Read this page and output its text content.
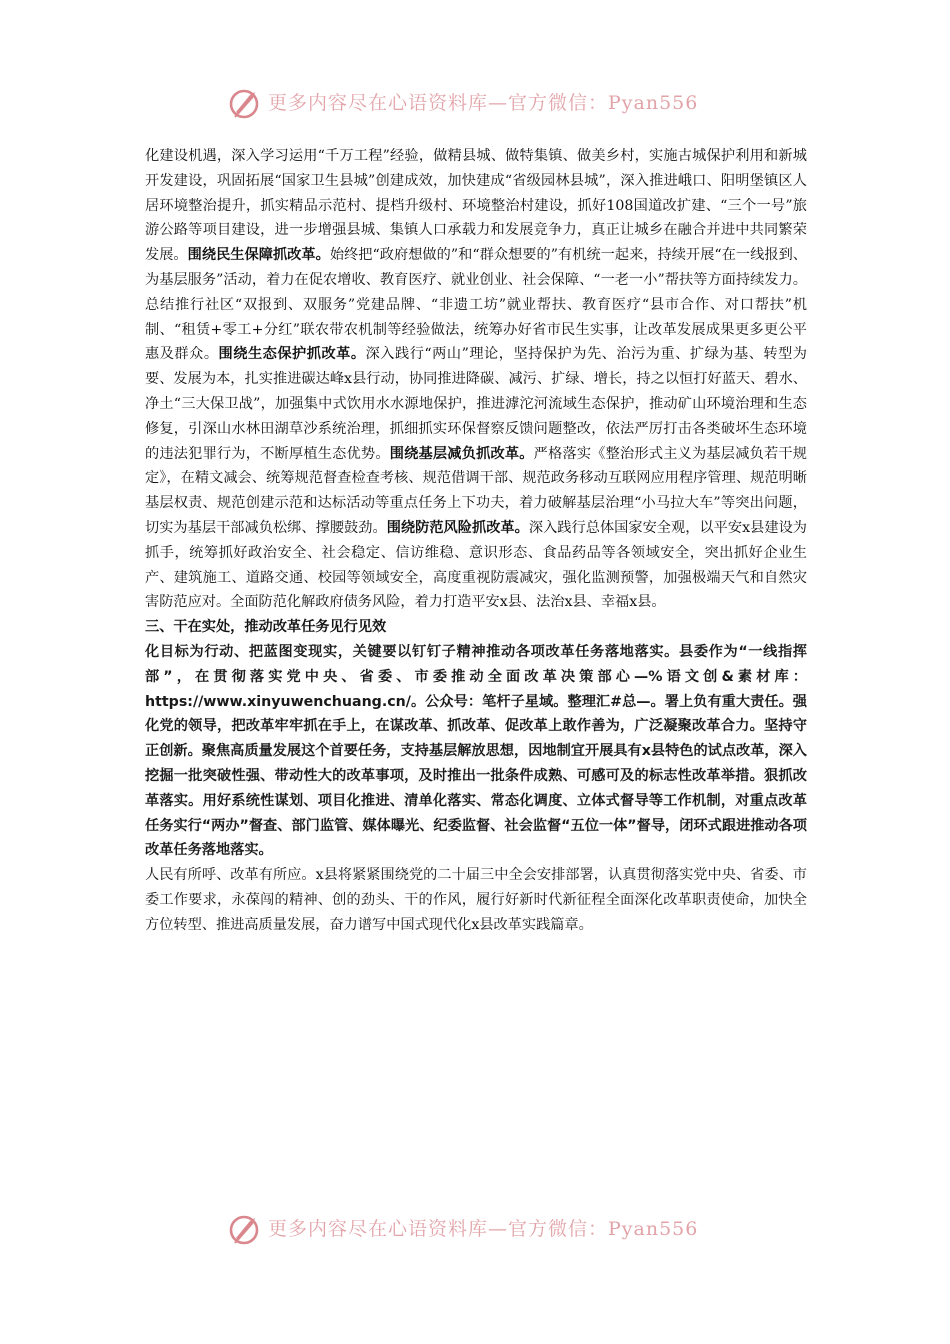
更多内容尽在心语资料库—官方微信：Pyan556

化建设机遇，深入学习运用“千万工程”经验，做精县城、做特集镇、做美乡村，实施古城保护利用和新城开发建设，巩固拓展“国家卫生县城”创建成效，加快建成“省级园林县城”，深入推进峨口、阳明堡镇区人居环境整治提升，抓实精品示范村、提档升级村、环境整治村建设，抓好108国道改扩建、“三个一号”旅游公路等项目建设，进一步增强县城、集镇人口承载力和发展竞争力，真正让城乡在融合并进中共同繁荣发展。围绕民生保障抓改革。始终把“政府想做的”和“群众想要的”有机统一起来，持续开展“在一线报到、为基层服务”活动，着力在促农增收、教育医疗、就业创业、社会保障、“一老一小”帮扶等方面持续发力。总结推行社区“双报到、双服务”党建品牌、“非遗工坊”就业帮扶、教育医疗“县市合作、对口帮扶”机制、“租赁+零工+分红”联农带农机制等经验做法，统筹办好省市民生实事，让改革发展成果更多更公平惠及群众。围绕生态保护抓改革。深入践行“两山”理论，坚持保护为先、治污为重、扩绿为基、转型为要、发展为本，扎实推进碳达峰x县行动，协同推进降碳、减污、扩绿、增长，持之以恒打好蓝天、碧水、净土“三大保卫战”，加强集中式饮用水水源地保护，推进滹沱河流域生态保护，推动矿山环境治理和生态修复，引深山水林田湖草沙系统治理，抓细抓实环保督察反馈问题整改，依法严厉打击各类破坏生态环境的违法犯罪行为，不断厚植生态优势。围绕基层减负抓改革。严格落实《整治形式主义为基层减负若干规定》，在精文减会、统筹规范督查检查考核、规范借调干部、规范政务移动互联网应用程序管理、规范明晰基层权责、规范创建示范和达标活动等重点任务上下功夫，着力破解基层治理“小马拉大车”等突出问题，切实为基层干部减负松绑、撑腰鼓劲。围绕防范风险抓改革。深入践行总体国家安全观，以平安x县建设为抓手，统筹抓好政治安全、社会稳定、信访维稳、意识形态、食品药品等各领域安全，突出抓好企业生产、建筑施工、道路交通、校园等领域安全，高度重视防震减灾，强化监测预警，加强极端天气和自然灾害防范应对。全面防范化解政府债务风险，着力打造平安x县、法治x县、幸福x县。

三、干在实处，推动改革任务见行见效

化目标为行动、把蓝图变现实，关键要以钉钉子精神推动各项改革任务落地落实。县委作为“一线指挥部”，在贯彻落实党中央、省委、市委推动全面改革决策部心—%语文创&素材库：https://www.xinyuwenchuang.cn/。公众号：笔杆子星域。整理汇#总—。署上负有重大责任。强化党的领导，把改革牢牢抓在手上，在谋改革、抓改革、促改革上敢作善为，广泛凝聚改革合力。坚持守正创新。聚焦高质量发展这个首要任务，支持基层解放思想，因地制宜开展具有x县特色的试点改革，深入挖掘一批突破性强、带动性大的改革事项，及时推出一批条件成熟、可感可及的标志性改革举措。狠抓改革落实。用好系统性谋划、项目化推进、清单化落实、常态化调度、立体式督导等工作机制，对重点改革任务实行“两办”督查、部门监管、媒体曝光、纪委监督、社会监督“五位一体”督导，闭环式跟进推动各项改革任务落地落实。

人民有所呼、改革有所应。x县将紧紧围绕党的二十届三中全会安排部署，认真贯彻落实党中央、省委、市委工作要求，永葆闯的精神、创的劲头、干的作风，履行好新时代新征程全面深化改革职责使命，加快全方位转型、推进高质量发展，奋力谱写中国式现代化x县改革实践篇章。

更多内容尽在心语资料库—官方微信：Pyan556
